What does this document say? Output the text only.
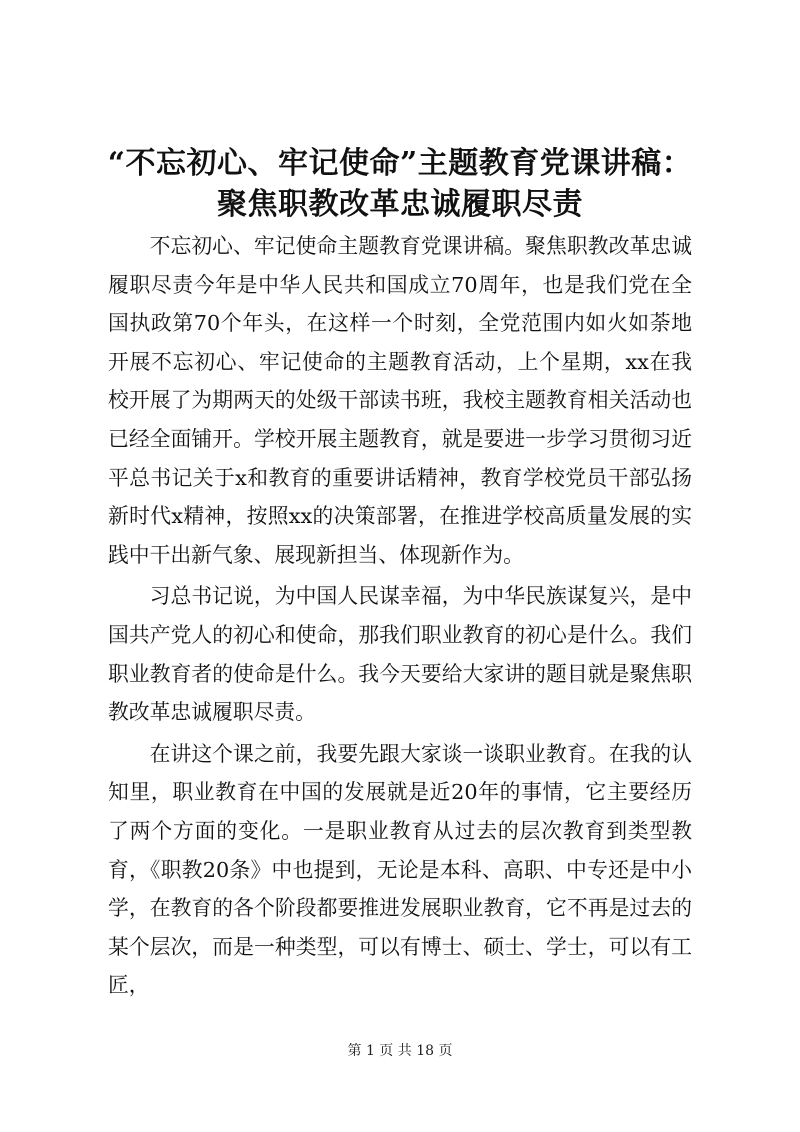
“不忘初心、牢记使命”主题教育党课讲稿：
聚焦职教改革忠诚履职尽责

不忘初心、牢记使命主题教育党课讲稿。聚焦职教改革忠诚履职尽责今年是中华人民共和国成立70周年，也是我们党在全国执政第70个年头，在这样一个时刻，全党范围内如火如荼地开展不忘初心、牢记使命的主题教育活动，上个星期，xx在我校开展了为期两天的处级干部读书班，我校主题教育相关活动也已经全面铺开。学校开展主题教育，就是要进一步学习贯彻习近平总书记关于x和教育的重要讲话精神，教育学校党员干部弘扬新时代x精神，按照xx的决策部署，在推进学校高质量发展的实践中干出新气象、展现新担当、体现新作为。

习总书记说，为中国人民谋幸福，为中华民族谋复兴，是中国共产党人的初心和使命，那我们职业教育的初心是什么。我们职业教育者的使命是什么。我今天要给大家讲的题目就是聚焦职教改革忠诚履职尽责。

在讲这个课之前，我要先跟大家谈一谈职业教育。在我的认知里，职业教育在中国的发展就是近20年的事情，它主要经历了两个方面的变化。一是职业教育从过去的层次教育到类型教育，《职教20条》中也提到，无论是本科、高职、中专还是中小学，在教育的各个阶段都要推进发展职业教育，它不再是过去的某个层次，而是一种类型，可以有博士、硕士、学士，可以有工匠，

第 1 页 共 18 页
